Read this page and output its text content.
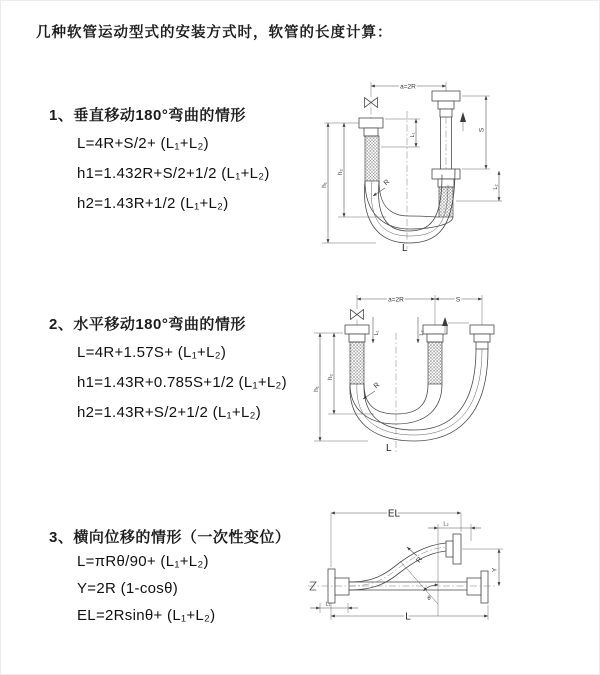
几种软管运动型式的安装方式时，软管的长度计算：
1、垂直移动180°弯曲的情形
L=4R+S/2+ (L₁+L₂)
h1=1.432R+S/2+1/2 (L₁+L₂)
h2=1.43R+1/2 (L₁+L₂)
2、水平移动180°弯曲的情形
L=4R+1.57S+ (L₁+L₂)
h1=1.43R+0.785S+1/2 (L₁+L₂)
h2=1.43R+S/2+1/2 (L₁+L₂)
3、横向位移的情形（一次性变位）
L=πRθ/90+ (L₁+L₂)
Y=2R (1-cosθ)
EL=2Rsinθ+ (L₁+L₂)
a=2R
S
L₂
h₁
h₂
L₁
R
L
a=2R	S
L₁	L₂
h₁
h₂
R
L
EL
L
L₁
L₂
Y
R
θ
